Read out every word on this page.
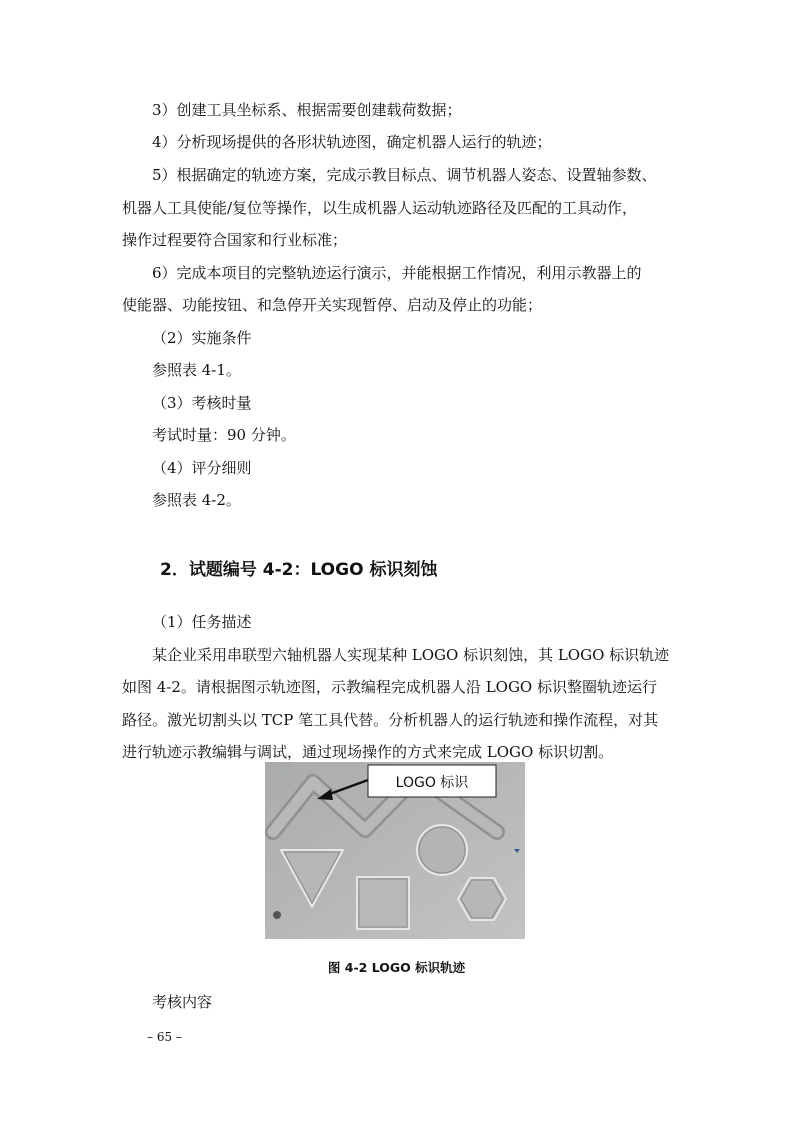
3）创建工具坐标系、根据需要创建载荷数据；
4）分析现场提供的各形状轨迹图，确定机器人运行的轨迹；
5）根据确定的轨迹方案，完成示教目标点、调节机器人姿态、设置轴参数、
机器人工具使能/复位等操作，以生成机器人运动轨迹路径及匹配的工具动作，
操作过程要符合国家和行业标准；
6）完成本项目的完整轨迹运行演示，并能根据工作情况，利用示教器上的
使能器、功能按钮、和急停开关实现暂停、启动及停止的功能；
（2）实施条件
参照表 4-1。
（3）考核时量
考试时量：90 分钟。
（4）评分细则
参照表 4-2。
2．试题编号 4-2：LOGO 标识刻蚀
（1）任务描述
某企业采用串联型六轴机器人实现某种 LOGO 标识刻蚀，其 LOGO 标识轨迹
如图 4-2。请根据图示轨迹图，示教编程完成机器人沿 LOGO 标识整圈轨迹运行
路径。激光切割头以 TCP 笔工具代替。分析机器人的运行轨迹和操作流程，对其
进行轨迹示教编辑与调试，通过现场操作的方式来完成 LOGO 标识切割。
LOGO 标识
图 4-2 LOGO 标识轨迹
考核内容
– 65 –
